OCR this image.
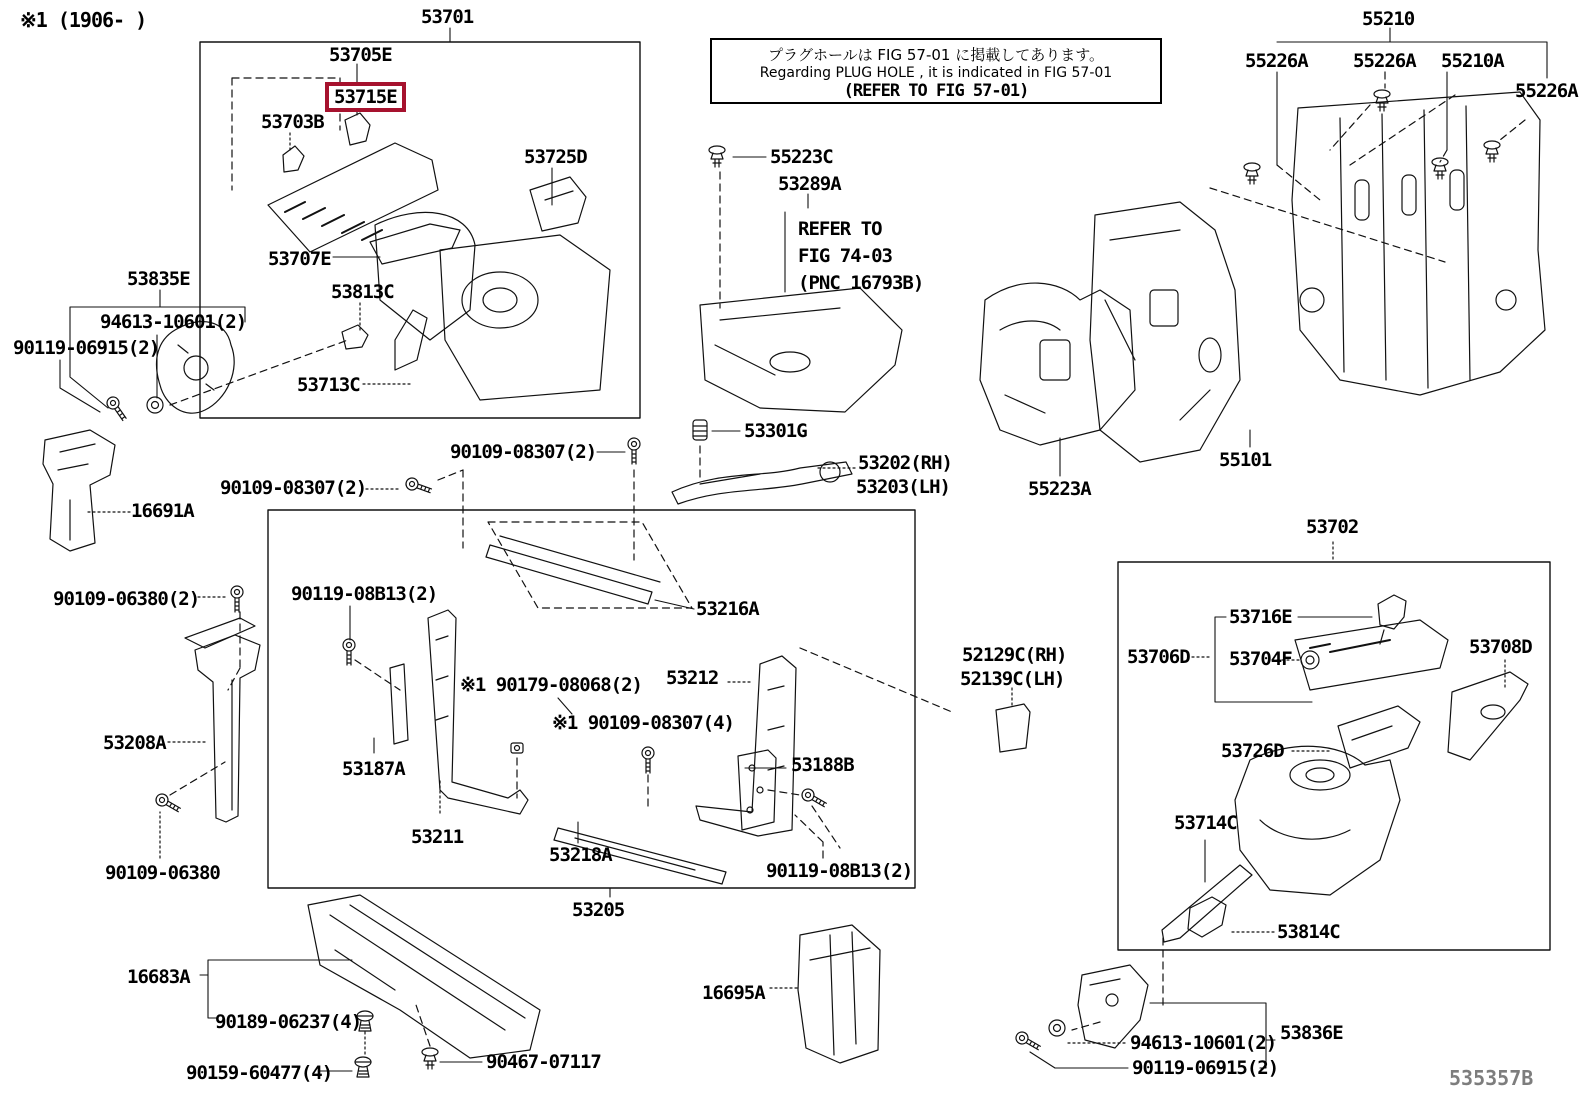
※1 (1906- )
プラグホールは FIG 57-01 に掲載してあります。
Regarding PLUG HOLE , it is indicated in FIG 57-01
(REFER TO FIG 57-01)
REFER TO
FIG 74-03
(PNC 16793B)
53701
53705E
53715E
53703B
53725D
53707E
53813C
53713C
53835E
94613-10601(2)
90119-06915(2)
16691A
90109-06380(2)
53208A
90109-06380
16683A
90189-06237(4)
90159-60477(4)	90467-07117
16695A
55223C
53289A
53301G
53202(RH)
53203(LH)	55223A
55101
55210
55226A 55226A 55210A
55226A
90109-08307(2)
90109-08307(2)
53216A
90119-08B13(2)
※1 90179-08068(2) 53212
※1 90109-08307(4)
53187A
53211
53218A
53188B
90119-08B13(2)
53205
52129C(RH)
52139C(LH)
53702
53716E
53706D 53704F
53708D
53726D
53714C
53814C
94613-10601(2)
90119-06915(2)
53836E
535357B
